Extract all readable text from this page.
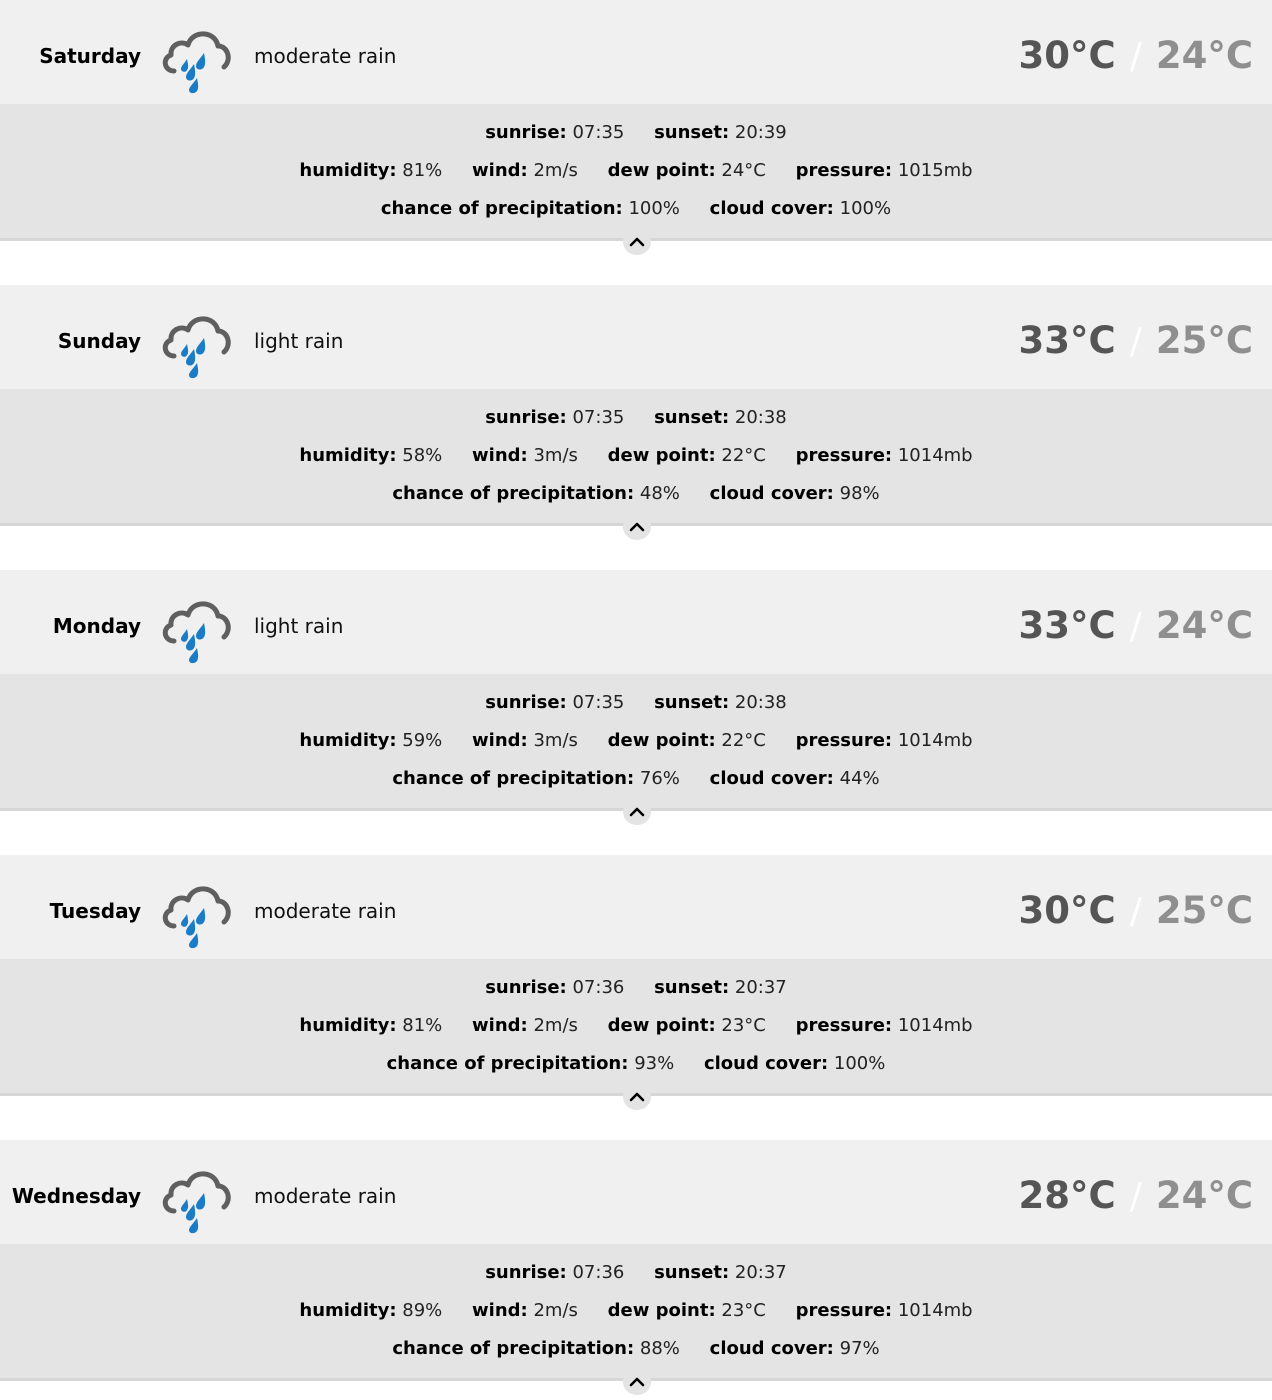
Saturday	moderate rain	30°C / 24°C
sunrise: 07:35 sunset: 20:39
humidity: 81% wind: 2m/s dew point: 24°C pressure: 1015mb
chance of precipitation: 100% cloud cover: 100%
Sunday	light rain	33°C / 25°C
sunrise: 07:35 sunset: 20:38
humidity: 58% wind: 3m/s dew point: 22°C pressure: 1014mb
chance of precipitation: 48% cloud cover: 98%
Monday	light rain	33°C / 24°C
sunrise: 07:35 sunset: 20:38
humidity: 59% wind: 3m/s dew point: 22°C pressure: 1014mb
chance of precipitation: 76% cloud cover: 44%
Tuesday	moderate rain	30°C / 25°C
sunrise: 07:36 sunset: 20:37
humidity: 81% wind: 2m/s dew point: 23°C pressure: 1014mb
chance of precipitation: 93% cloud cover: 100%
Wednesday	moderate rain	28°C / 24°C
sunrise: 07:36 sunset: 20:37
humidity: 89% wind: 2m/s dew point: 23°C pressure: 1014mb
chance of precipitation: 88% cloud cover: 97%
